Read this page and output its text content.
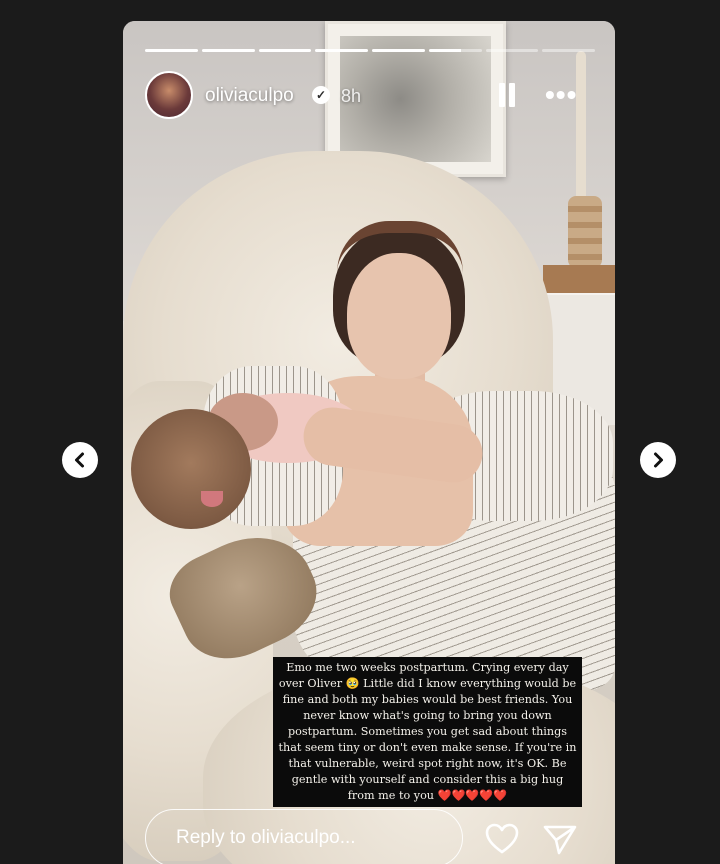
oliviaculpo	✓ 8h	•••
Emo me two weeks postpartum. Crying every day over Oliver 🥹 Little did I know everything would be fine and both my babies would be best friends. You never know what's going to bring you down postpartum. Sometimes you get sad about things that seem tiny or don't even make sense. If you're in that vulnerable, weird spot right now, it's OK. Be gentle with yourself and consider this a big hug from me to you ❤️❤️❤️❤️❤️
Reply to oliviaculpo...
